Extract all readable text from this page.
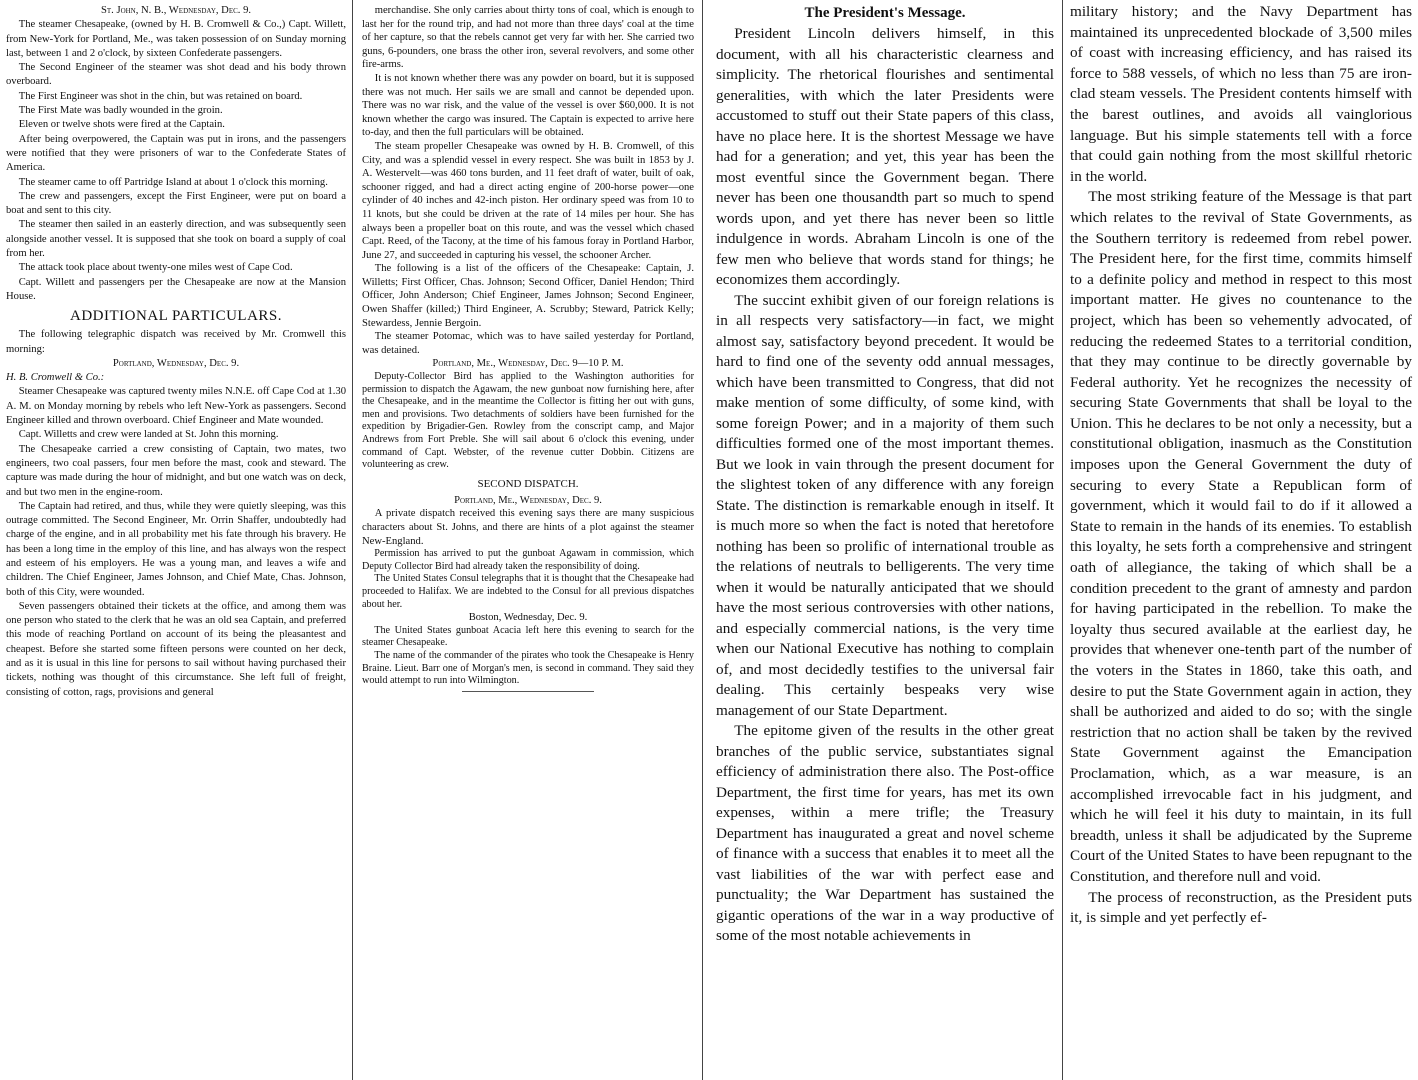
St. John, N. B., Wednesday, Dec. 9.

The steamer Chesapeake, (owned by H. B. Cromwell & Co.,) Capt. Willett, from New-York for Portland, Me., was taken possession of on Sunday morning last, between 1 and 2 o'clock, by sixteen Confederate passengers.

The Second Engineer of the steamer was shot dead and his body thrown overboard.

The First Engineer was shot in the chin, but was retained on board.

The First Mate was badly wounded in the groin.

Eleven or twelve shots were fired at the Captain.

After being overpowered, the Captain was put in irons, and the passengers were notified that they were prisoners of war to the Confederate States of America.

The steamer came to off Partridge Island at about 1 o'clock this morning.

The crew and passengers, except the First Engineer, were put on board a boat and sent to this city.

The steamer then sailed in an easterly direction, and was subsequently seen alongside another vessel. It is supposed that she took on board a supply of coal from her.

The attack took place about twenty-one miles west of Cape Cod.

Capt. Willett and passengers per the Chesapeake are now at the Mansion House.

ADDITIONAL PARTICULARS.

The following telegraphic dispatch was received by Mr. Cromwell this morning:

Portland, Wednesday, Dec. 9.

H. B. Cromwell & Co.:

Steamer Chesapeake was captured twenty miles N.N.E. off Cape Cod at 1.30 A. M. on Monday morning by rebels who left New-York as passengers. Second Engineer killed and thrown overboard. Chief Engineer and Mate wounded.

Capt. Willetts and crew were landed at St. John this morning.

The Chesapeake carried a crew consisting of Captain, two mates, two engineers, two coal passers, four men before the mast, cook and steward. The capture was made during the hour of midnight, and but one watch was on deck, and but two men in the engine-room.

The Captain had retired, and thus, while they were quietly sleeping, was this outrage committed. The Second Engineer, Mr. Orrin Shaffer, undoubtedly had charge of the engine, and in all probability met his fate through his bravery. He has been a long time in the employ of this line, and has always won the respect and esteem of his employers. He was a young man, and leaves a wife and children. The Chief Engineer, James Johnson, and Chief Mate, Chas. Johnson, both of this City, were wounded.

Seven passengers obtained their tickets at the office, and among them was one person who stated to the clerk that he was an old sea Captain, and preferred this mode of reaching Portland on account of its being the pleasantest and cheapest. Before she started some fifteen persons were counted on her deck, and as it is usual in this line for persons to sail without having purchased their tickets, nothing was thought of this circumstance. She left full of freight, consisting of cotton, rags, provisions and general

merchandise. She only carries about thirty tons of coal, which is enough to last her for the round trip, and had not more than three days' coal at the time of her capture, so that the rebels cannot get very far with her. She carried two guns, 6-pounders, one brass the other iron, several revolvers, and some other fire-arms.

It is not known whether there was any powder on board, but it is supposed there was not much. Her sails we are small and cannot be depended upon. There was no war risk, and the value of the vessel is over $60,000. It is not known whether the cargo was insured. The Captain is expected to arrive here to-day, and then the full particulars will be obtained.

The steam propeller Chesapeake was owned by H. B. Cromwell, of this City, and was a splendid vessel in every respect. She was built in 1853 by J. A. Westervelt—was 460 tons burden, and 11 feet draft of water, built of oak, schooner rigged, and had a direct acting engine of 200-horse power—one cylinder of 40 inches and 42-inch piston. Her ordinary speed was from 10 to 11 knots, but she could be driven at the rate of 14 miles per hour. She has always been a propeller boat on this route, and was the vessel which chased Capt. Reed, of the Tacony, at the time of his famous foray in Portland Harbor, June 27, and succeeded in capturing his vessel, the schooner Archer.

The following is a list of the officers of the Chesapeake: Captain, J. Willetts; First Officer, Chas. Johnson; Second Officer, Daniel Hendon; Third Officer, John Anderson; Chief Engineer, James Johnson; Second Engineer, Owen Shaffer (killed;) Third Engineer, A. Scrubby; Steward, Patrick Kelly; Stewardess, Jennie Bergoin.

The steamer Potomac, which was to have sailed yesterday for Portland, was detained.

Portland, Me., Wednesday, Dec. 9—10 P. M.

Deputy-Collector Bird has applied to the Washington authorities for permission to dispatch the Agawam, the new gunboat now furnishing here, after the Chesapeake, and in the meantime the Collector is fitting her out with guns, men and provisions. Two detachments of soldiers have been furnished for the expedition by Brigadier-Gen. Rowley from the conscript camp, and Major Andrews from Fort Preble. She will sail about 6 o'clock this evening, under command of Capt. Webster, of the revenue cutter Dobbin. Citizens are volunteering as crew.

SECOND DISPATCH.

Portland, Me., Wednesday, Dec. 9.

A private dispatch received this evening says there are many suspicious characters about St. Johns, and there are hints of a plot against the steamer New-England.

Permission has arrived to put the gunboat Agawam in commission, which Deputy Collector Bird had already taken the responsibility of doing.

The United States Consul telegraphs that it is thought that the Chesapeake had proceeded to Halifax. We are indebted to the Consul for all previous dispatches about her.

Boston, Wednesday, Dec. 9.

The United States gunboat Acacia left here this evening to search for the steamer Chesapeake.

The name of the commander of the pirates who took the Chesapeake is Henry Braine. Lieut. Barr one of Morgan's men, is second in command. They said they would attempt to run into Wilmington.

The President's Message.

President Lincoln delivers himself, in this document, with all his characteristic clearness and simplicity. The rhetorical flourishes and sentimental generalities, with which the later Presidents were accustomed to stuff out their State papers of this class, have no place here. It is the shortest Message we have had for a generation; and yet, this year has been the most eventful since the Government began. There never has been one thousandth part so much to spend words upon, and yet there has never been so little indulgence in words. Abraham Lincoln is one of the few men who believe that words stand for things; he economizes them accordingly.

The succint exhibit given of our foreign relations is in all respects very satisfactory—in fact, we might almost say, satisfactory beyond precedent. It would be hard to find one of the seventy odd annual messages, which have been transmitted to Congress, that did not make mention of some difficulty, of some kind, with some foreign Power; and in a majority of them such difficulties formed one of the most important themes. But we look in vain through the present document for the slightest token of any difference with any foreign State. The distinction is remarkable enough in itself. It is much more so when the fact is noted that heretofore nothing has been so prolific of international trouble as the relations of neutrals to belligerents. The very time when it would be naturally anticipated that we should have the most serious controversies with other nations, and especially commercial nations, is the very time when our National Executive has nothing to complain of, and most decidedly testifies to the universal fair dealing. This certainly bespeaks very wise management of our State Department.

The epitome given of the results in the other great branches of the public service, substantiates signal efficiency of administration there also. The Post-office Department, the first time for years, has met its own expenses, within a mere trifle; the Treasury Department has inaugurated a great and novel scheme of finance with a success that enables it to meet all the vast liabilities of the war with perfect ease and punctuality; the War Department has sustained the gigantic operations of the war in a way productive of some of the most notable achievements in

military history; and the Navy Department has maintained its unprecedented blockade of 3,500 miles of coast with increasing efficiency, and has raised its force to 588 vessels, of which no less than 75 are iron-clad steam vessels. The President contents himself with the barest outlines, and avoids all vainglorious language. But his simple statements tell with a force that could gain nothing from the most skillful rhetoric in the world.

The most striking feature of the Message is that part which relates to the revival of State Governments, as the Southern territory is redeemed from rebel power. The President here, for the first time, commits himself to a definite policy and method in respect to this most important matter. He gives no countenance to the project, which has been so vehemently advocated, of reducing the redeemed States to a territorial condition, that they may continue to be directly governable by Federal authority. Yet he recognizes the necessity of securing State Governments that shall be loyal to the Union. This he declares to be not only a necessity, but a constitutional obligation, inasmuch as the Constitution imposes upon the General Government the duty of securing to every State a Republican form of government, which it would fail to do if it allowed a State to remain in the hands of its enemies. To establish this loyalty, he sets forth a comprehensive and stringent oath of allegiance, the taking of which shall be a condition precedent to the grant of amnesty and pardon for having participated in the rebellion. To make the loyalty thus secured available at the earliest day, he provides that whenever one-tenth part of the number of the voters in the States in 1860, take this oath, and desire to put the State Government again in action, they shall be authorized and aided to do so; with the single restriction that no action shall be taken by the revived State Government against the Emancipation Proclamation, which, as a war measure, is an accomplished irrevocable fact in his judgment, and which he will feel it his duty to maintain, in its full breadth, unless it shall be adjudicated by the Supreme Court of the United States to have been repugnant to the Constitution, and therefore null and void.

The process of reconstruction, as the President puts it, is simple and yet perfectly ef-
